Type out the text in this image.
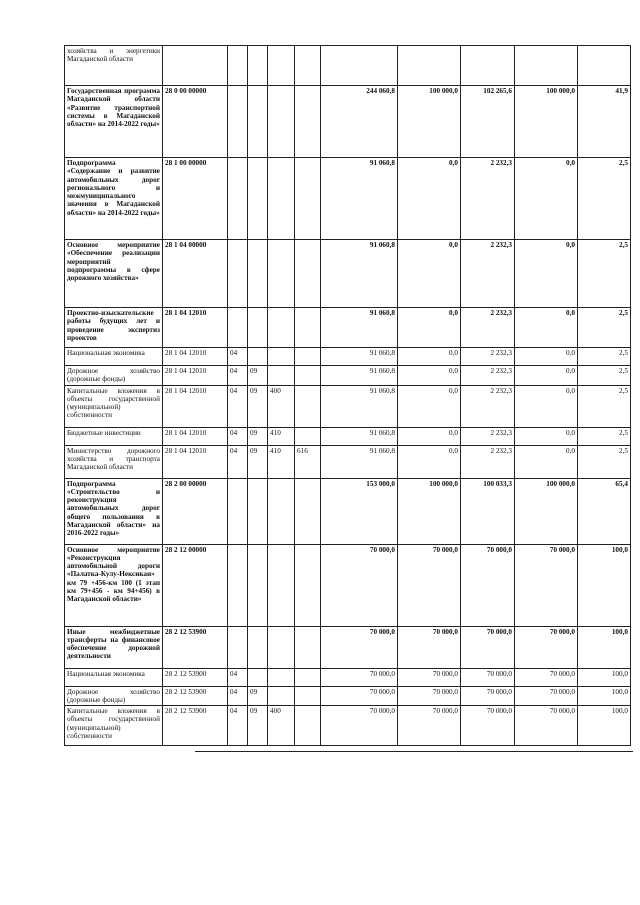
хозяйства и энергетики Магаданской области										
Государственная программа Магаданской области «Развитие транспортной системы в Магаданской области» на 2014-2022 годы»	28 0 00 00000					244 060,8	100 000,0	102 265,6	100 000,0	41,9
Подпрограмма «Содержание и развитие автомобильных дорог регионального и межмуниципального значения в Магаданской области» на 2014-2022 годы»	28 1 00 00000					91 060,8	0,0	2 232,3	0,0	2,5
Основное мероприятие «Обеспечение реализации мероприятий подпрограммы в сфере дорожного хозяйства»	28 1 04 00000					91 060,8	0,0	2 232,3	0,0	2,5
Проектно-изыскательские работы будущих лет и проведение экспертиз проектов	28 1 04 12010					91 060,8	0,0	2 232,3	0,0	2,5
Национальная экономика	28 1 04 12010	04				91 060,8	0,0	2 232,3	0,0	2,5
Дорожное хозяйство (дорожные фонды)	28 1 04 12010	04	09			91 060,8	0,0	2 232,3	0,0	2,5
Капитальные вложения в объекты государственной (муниципальной) собственности	28 1 04 12010	04	09	400		91 060,8	0,0	2 232,3	0,0	2,5
Бюджетные инвестиции	28 1 04 12010	04	09	410		91 060,8	0,0	2 232,3	0,0	2,5
Министерство дорожного хозяйства и транспорта Магаданской области	28 1 04 12010	04	09	410	616	91 060,8	0,0	2 232,3	0,0	2,5
Подпрограмма «Строительство и реконструкция автомобильных дорог общего пользования в Магаданской области» на 2016-2022 годы»	28 2 00 00000					153 000,0	100 000,0	100 033,3	100 000,0	65,4
Основное мероприятие «Реконструкция автомобильной дороги «Палатка-Кулу-Нексикан» км 79 +456-км 100 (1 этап км 79+456 - км 94+456) в Магаданской области»	28 2 12 00000					70 000,0	70 000,0	70 000,0	70 000,0	100,0
Иные межбюджетные трансферты на финансовое обеспечение дорожной деятельности	28 2 12 53900					70 000,0	70 000,0	70 000,0	70 000,0	100,0
Национальная экономика	28 2 12 53900	04				70 000,0	70 000,0	70 000,0	70 000,0	100,0
Дорожное хозяйство (дорожные фонды)	28 2 12 53900	04	09			70 000,0	70 000,0	70 000,0	70 000,0	100,0
Капитальные вложения в объекты государственной (муниципальной) собственности	28 2 12 53900	04	09	400		70 000,0	70 000,0	70 000,0	70 000,0	100,0
